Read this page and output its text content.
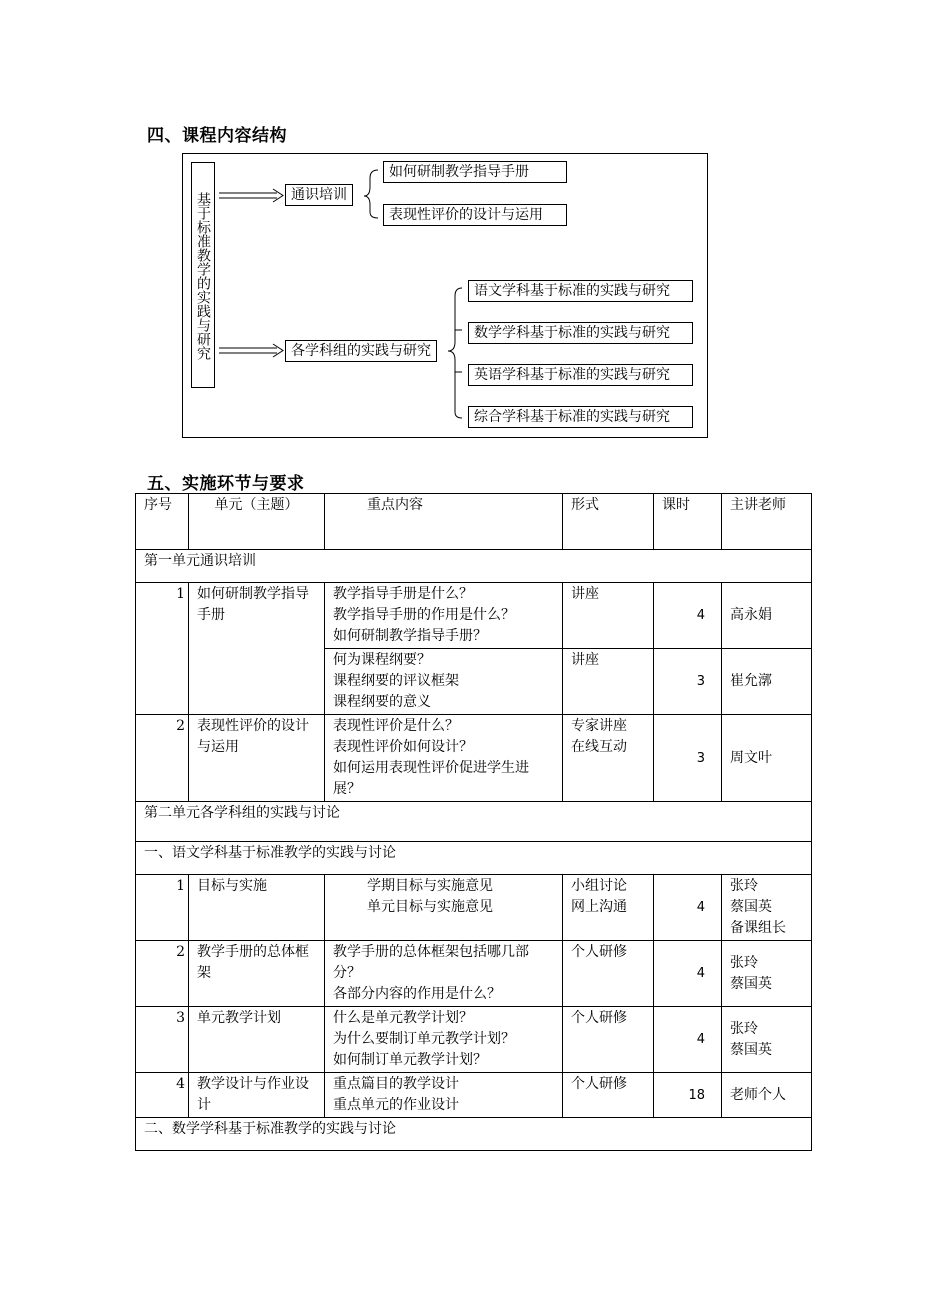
四、课程内容结构
基于标准教学的实践与研究	通识培训
如何研制教学指导手册
表现性评价的设计与运用
各学科组的实践与研究
语文学科基于标准的实践与研究
数学学科基于标准的实践与研究
英语学科基于标准的实践与研究
综合学科基于标准的实践与研究
五、实施环节与要求
序号	单元（主题）	重点内容	形式	课时	主讲老师
第一单元通识培训					
1	如何研制教学指导手册	教学指导手册是什么？
教学指导手册的作用是什么？
如何研制教学指导手册？	讲座	4	高永娟

		何为课程纲要？
课程纲要的评议框架
课程纲要的意义	讲座	3	崔允漷

2	表现性评价的设计与运用	表现性评价是什么？
表现性评价如何设计？
如何运用表现性评价促进学生进展？	专家讲座
在线互动	3	周文叶

第二单元各学科组的实践与讨论					
一、语文学科基于标准教学的实践与讨论					
1	目标与实施	学期目标与实施意见
单元目标与实施意见	小组讨论
网上沟通	4	张玲
蔡国英
备课组长

2	教学手册的总体框架	教学手册的总体框架包括哪几部分？
各部分内容的作用是什么？	个人研修	4	张玲
蔡国英

3	单元教学计划	什么是单元教学计划？
为什么要制订单元教学计划？
如何制订单元教学计划？	个人研修	4	张玲
蔡国英

4	教学设计与作业设计	重点篇目的教学设计
重点单元的作业设计	个人研修	18	老师个人

二、数学学科基于标准教学的实践与讨论					
